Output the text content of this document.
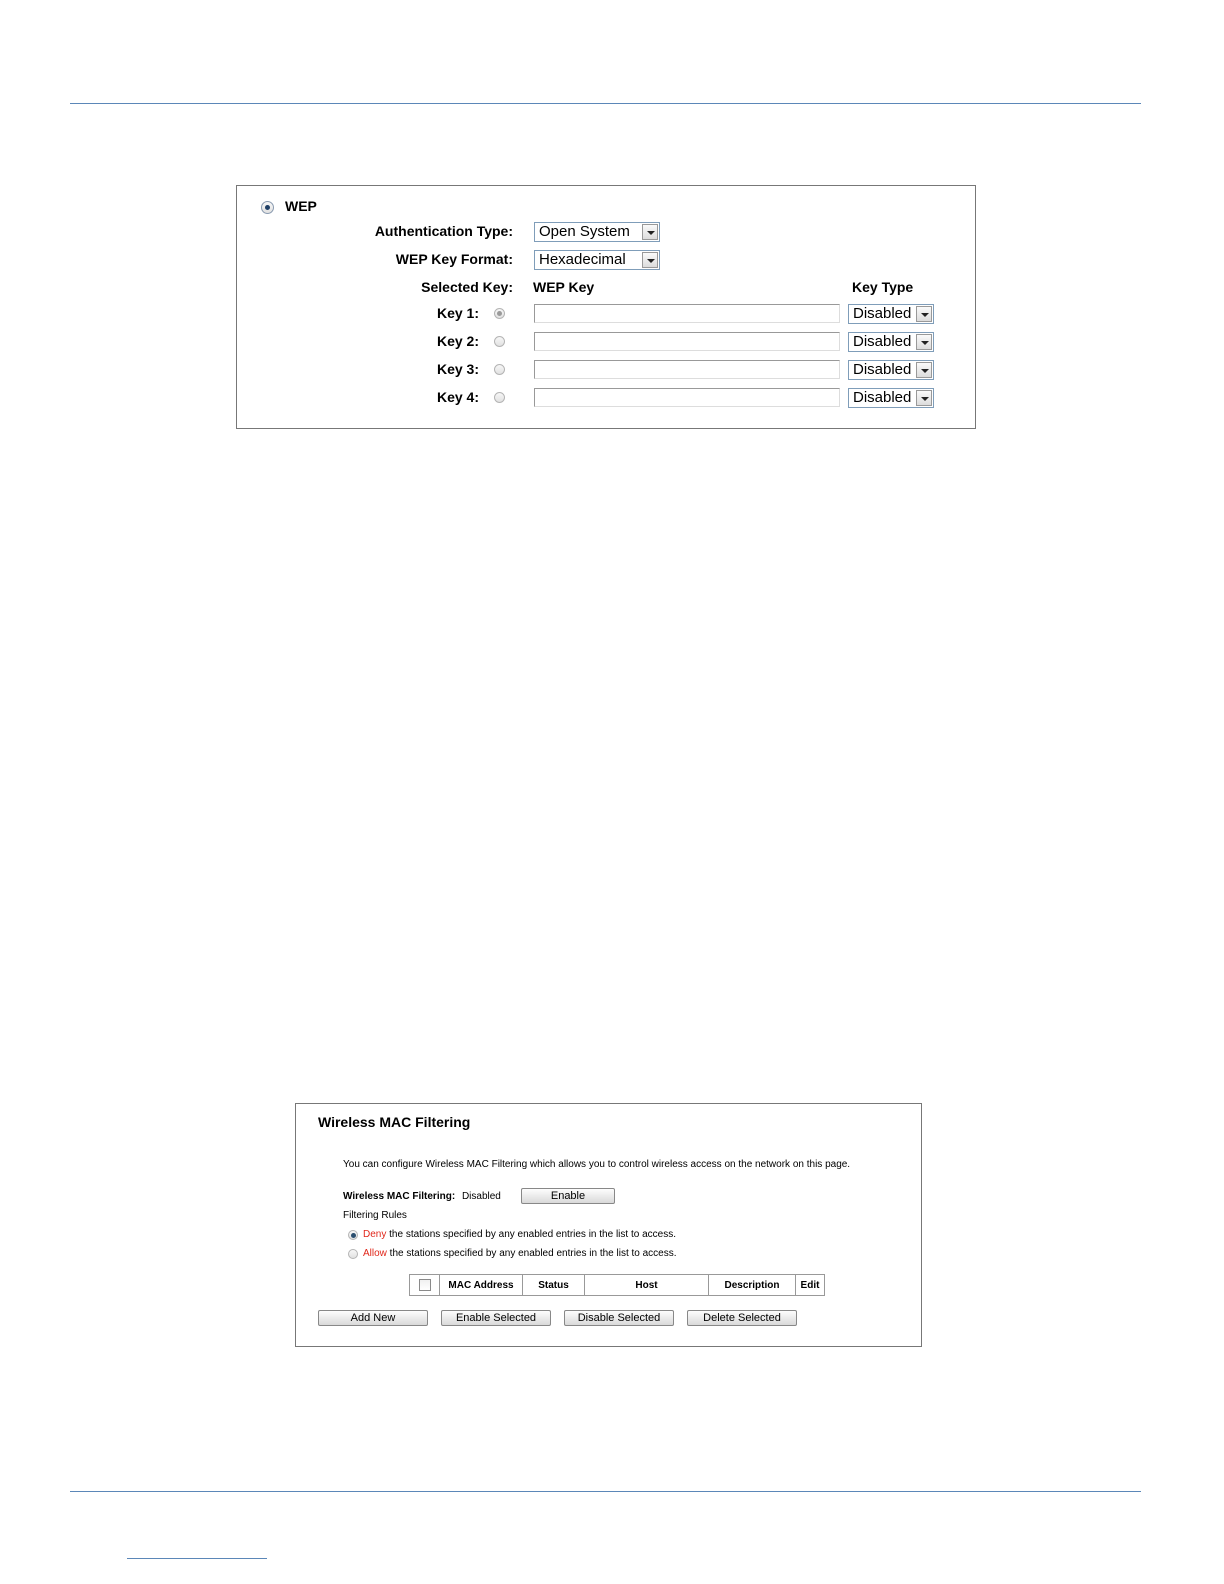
WEP
Authentication Type:	Open System
WEP Key Format:	Hexadecimal
Selected Key: WEP Key	Key Type
Key 1:	Disabled
Key 2:	Disabled
Key 3:	Disabled
Key 4:	Disabled
Wireless MAC Filtering
You can configure Wireless MAC Filtering which allows you to control wireless access on the network on this page.
Wireless MAC Filtering: Disabled	Enable
Filtering Rules
Deny the stations specified by any enabled entries in the list to access.
Allow the stations specified by any enabled entries in the list to access.
	MAC Address	Status	Host	Description	Edit
Add New	Enable Selected	Disable Selected	Delete Selected
